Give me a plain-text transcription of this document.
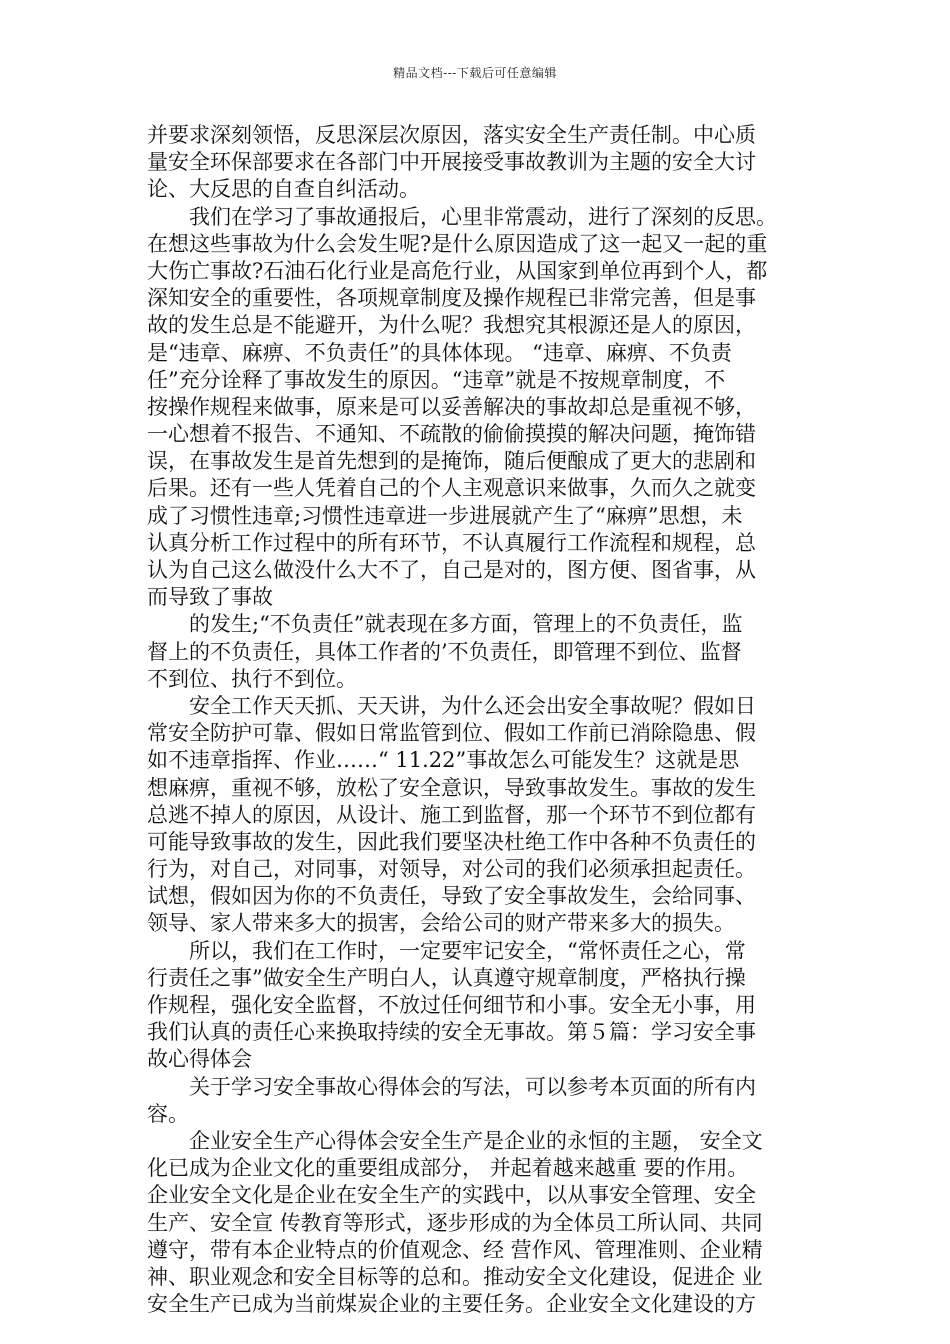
精品文档---下载后可任意编辑
并要求深刻领悟，反思深层次原因，落实安全生产责任制。中心质
量安全环保部要求在各部门中开展接受事故教训为主题的安全大讨
论、大反思的自查自纠活动。
我们在学习了事故通报后，心里非常震动，进行了深刻的反思。
在想这些事故为什么会发生呢?是什么原因造成了这一起又一起的重
大伤亡事故?石油石化行业是高危行业，从国家到单位再到个人，都
深知安全的重要性，各项规章制度及操作规程已非常完善，但是事
故的发生总是不能避开，为什么呢？我想究其根源还是人的原因，
是“违章、麻痹、不负责任”的具体体现。 “违章、麻痹、不负责
任”充分诠释了事故发生的原因。“违章”就是不按规章制度，不
按操作规程来做事，原来是可以妥善解决的事故却总是重视不够，
一心想着不报告、不通知、不疏散的偷偷摸摸的解决问题，掩饰错
误，在事故发生是首先想到的是掩饰，随后便酿成了更大的悲剧和
后果。还有一些人凭着自己的个人主观意识来做事，久而久之就变
成了习惯性违章;习惯性违章进一步进展就产生了“麻痹”思想，未
认真分析工作过程中的所有环节，不认真履行工作流程和规程，总
认为自己这么做没什么大不了，自己是对的，图方便、图省事，从
而导致了事故
的发生;“不负责任”就表现在多方面，管理上的不负责任，监
督上的不负责任，具体工作者的’不负责任，即管理不到位、监督
不到位、执行不到位。
安全工作天天抓、天天讲，为什么还会出安全事故呢？假如日
常安全防护可靠、假如日常监管到位、假如工作前已消除隐患、假
如不违章指挥、作业……“ 11.22”事故怎么可能发生？这就是思
想麻痹，重视不够，放松了安全意识，导致事故发生。事故的发生
总逃不掉人的原因，从设计、施工到监督，那一个环节不到位都有
可能导致事故的发生，因此我们要坚决杜绝工作中各种不负责任的
行为，对自己，对同事，对领导，对公司的我们必须承担起责任。
试想，假如因为你的不负责任，导致了安全事故发生，会给同事、
领导、家人带来多大的损害，会给公司的财产带来多大的损失。
所以，我们在工作时，一定要牢记安全，“常怀责任之心，常
行责任之事”做安全生产明白人，认真遵守规章制度，严格执行操
作规程，强化安全监督，不放过任何细节和小事。安全无小事，用
我们认真的责任心来换取持续的安全无事故。第５篇：学习安全事
故心得体会
关于学习安全事故心得体会的写法，可以参考本页面的所有内
容。
企业安全生产心得体会安全生产是企业的永恒的主题， 安全文
化已成为企业文化的重要组成部分， 并起着越来越重 要的作用。
企业安全文化是企业在安全生产的实践中，以从事安全管理、安全
生产、安全宣 传教育等形式，逐步形成的为全体员工所认同、共同
遵守，带有本企业特点的价值观念、经 营作风、管理准则、企业精
神、职业观念和安全目标等的总和。推动安全文化建设，促进企 业
安全生产已成为当前煤炭企业的主要任务。企业安全文化建设的方
